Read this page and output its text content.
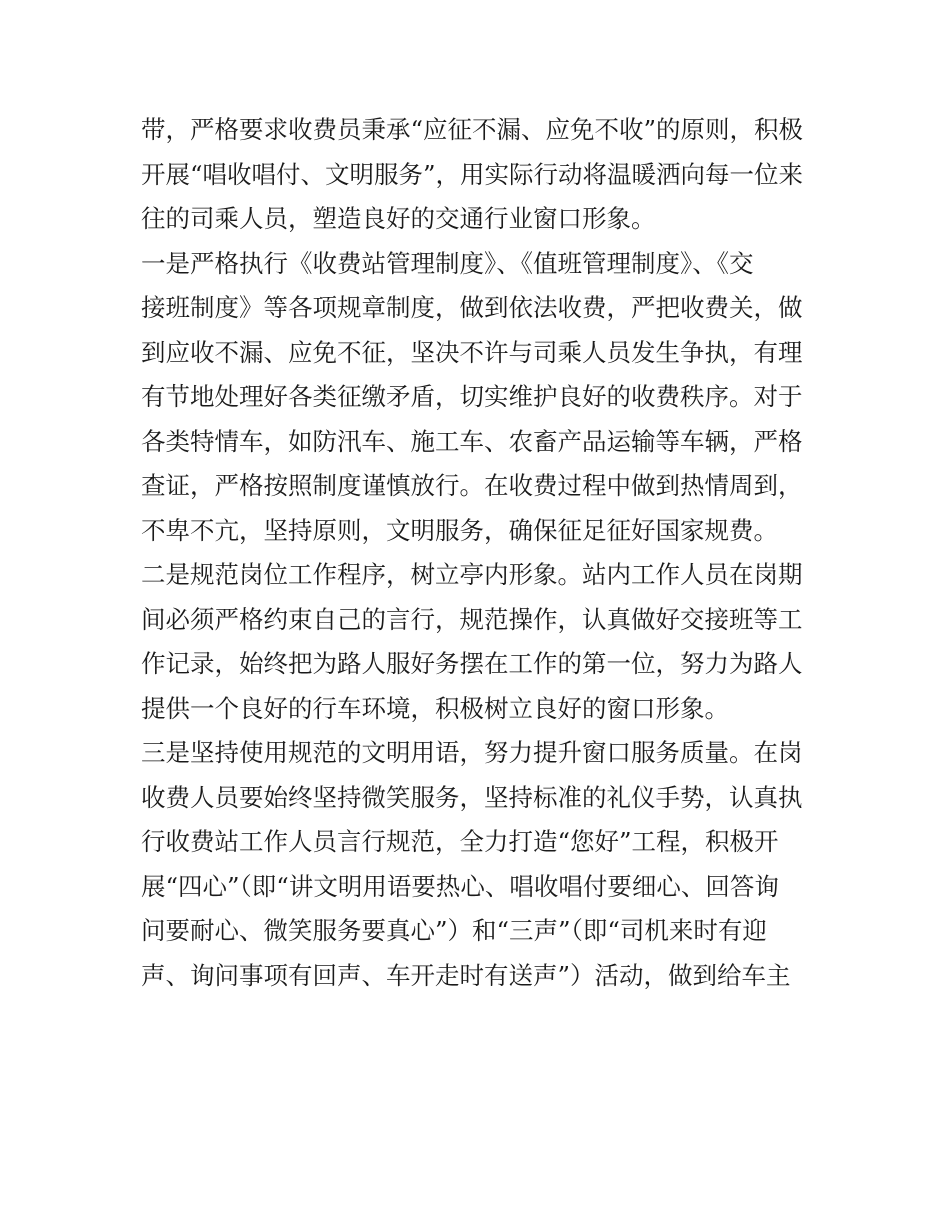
带，严格要求收费员秉承“应征不漏、应免不收”的原则，积极
开展“唱收唱付、文明服务”，用实际行动将温暖洒向每一位来
往的司乘人员，塑造良好的交通行业窗口形象。
一是严格执行《收费站管理制度》、《值班管理制度》、《交
接班制度》等各项规章制度，做到依法收费，严把收费关，做
到应收不漏、应免不征，坚决不许与司乘人员发生争执，有理
有节地处理好各类征缴矛盾，切实维护良好的收费秩序。对于
各类特情车，如防汛车、施工车、农畜产品运输等车辆，严格
查证，严格按照制度谨慎放行。在收费过程中做到热情周到，
不卑不亢，坚持原则，文明服务，确保征足征好国家规费。
二是规范岗位工作程序，树立亭内形象。站内工作人员在岗期
间必须严格约束自己的言行，规范操作，认真做好交接班等工
作记录，始终把为路人服好务摆在工作的第一位，努力为路人
提供一个良好的行车环境，积极树立良好的窗口形象。
三是坚持使用规范的文明用语，努力提升窗口服务质量。在岗
收费人员要始终坚持微笑服务，坚持标准的礼仪手势，认真执
行收费站工作人员言行规范，全力打造“您好”工程，积极开
展“四心”（即“讲文明用语要热心、唱收唱付要细心、回答询
问要耐心、微笑服务要真心”）和“三声”（即“司机来时有迎
声、询问事项有回声、车开走时有送声”）活动，做到给车主
